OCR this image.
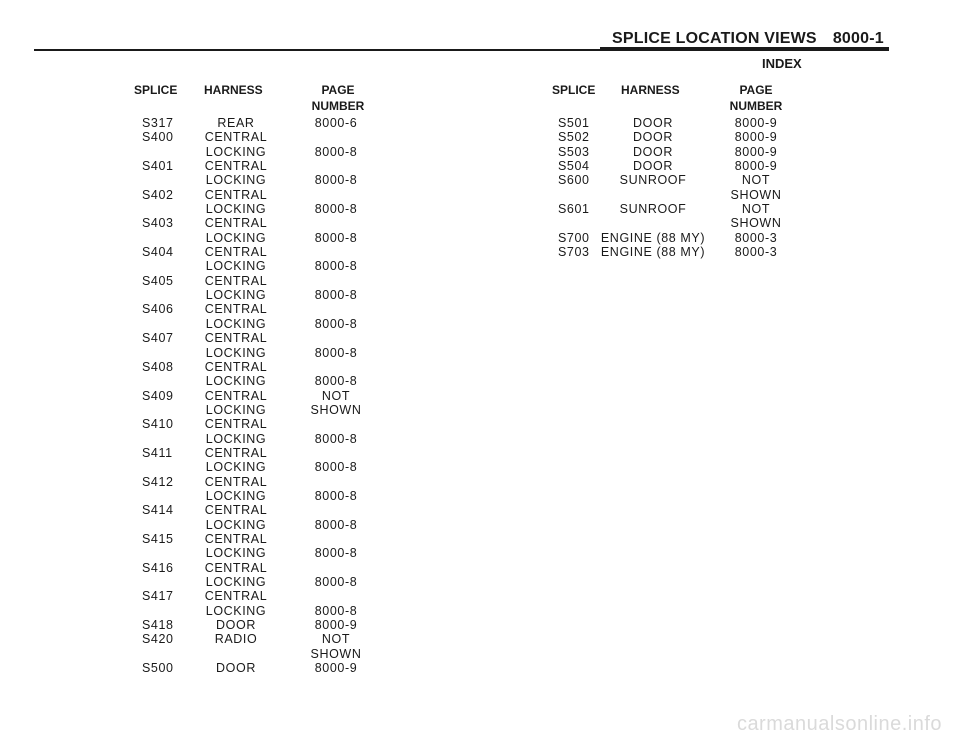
SPLICE LOCATION VIEWS 8000-1
INDEX
SPLICE HARNESS	PAGE
NUMBER
SPLICE HARNESS	PAGE
NUMBER
S317
S400
S401
S402
S403
S404
S405
S406
S407
S408
S409
S410
S411
S412
S414
S415
S416
S417
S418
S420
S500
REAR
CENTRAL
LOCKING
CENTRAL
LOCKING
CENTRAL
LOCKING
CENTRAL
LOCKING
CENTRAL
LOCKING
CENTRAL
LOCKING
CENTRAL
LOCKING
CENTRAL
LOCKING
CENTRAL
LOCKING
CENTRAL
LOCKING
CENTRAL
LOCKING
CENTRAL
LOCKING
CENTRAL
LOCKING
CENTRAL
LOCKING
CENTRAL
LOCKING
CENTRAL
LOCKING
CENTRAL
LOCKING
DOOR
RADIO
DOOR
8000-6
8000-8
8000-8
8000-8
8000-8
8000-8
8000-8
8000-8
8000-8
8000-8
NOT
SHOWN
8000-8
8000-8
8000-8
8000-8
8000-8
8000-8
8000-8
8000-9
NOT
SHOWN
8000-9
S501
S502
S503
S504
S600
S601
S700
S703
DOOR
DOOR
DOOR
DOOR
SUNROOF
SUNROOF
ENGINE (88 MY)
ENGINE (88 MY)
8000-9
8000-9
8000-9
8000-9
NOT
SHOWN
NOT
SHOWN
8000-3
8000-3
carmanualsonline.info
